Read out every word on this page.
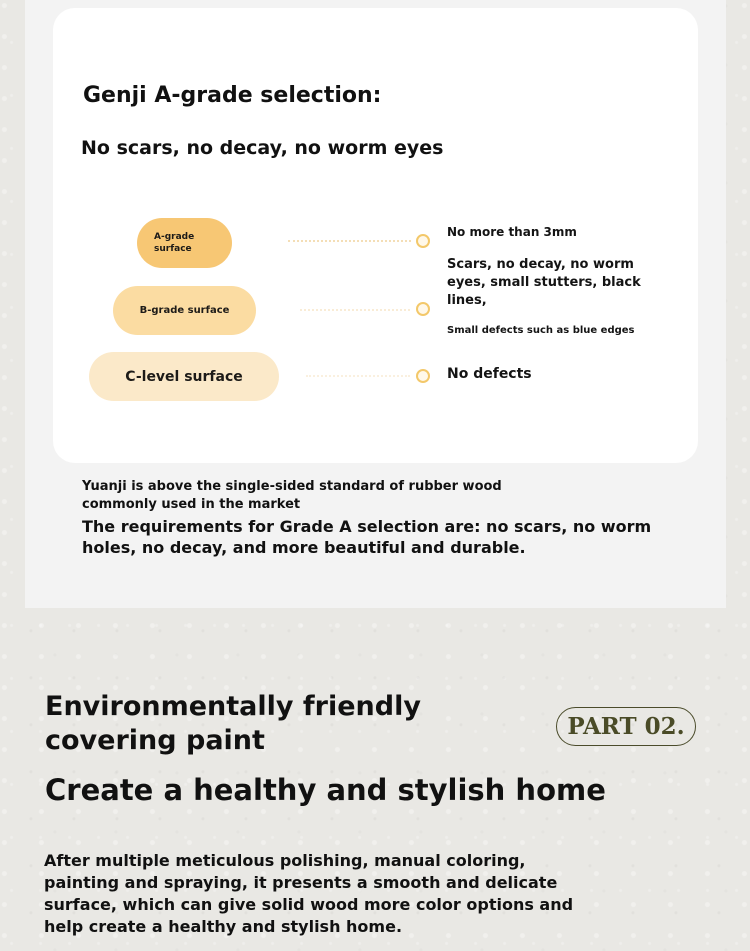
Genji A-grade selection:
No scars, no decay, no worm eyes
A-grade surface
B-grade surface
C-level surface

No more than 3mm

Scars, no decay, no worm eyes, small stutters, black lines,

Small defects such as blue edges

No defects

Yuanji is above the single-sided standard of rubber wood commonly used in the market

The requirements for Grade A selection are: no scars, no worm holes, no decay, and more beautiful and durable.

Environmentally friendly covering paint	PART 02.
Create a healthy and stylish home

After multiple meticulous polishing, manual coloring, painting and spraying, it presents a smooth and delicate surface, which can give solid wood more color options and help create a healthy and stylish home.
